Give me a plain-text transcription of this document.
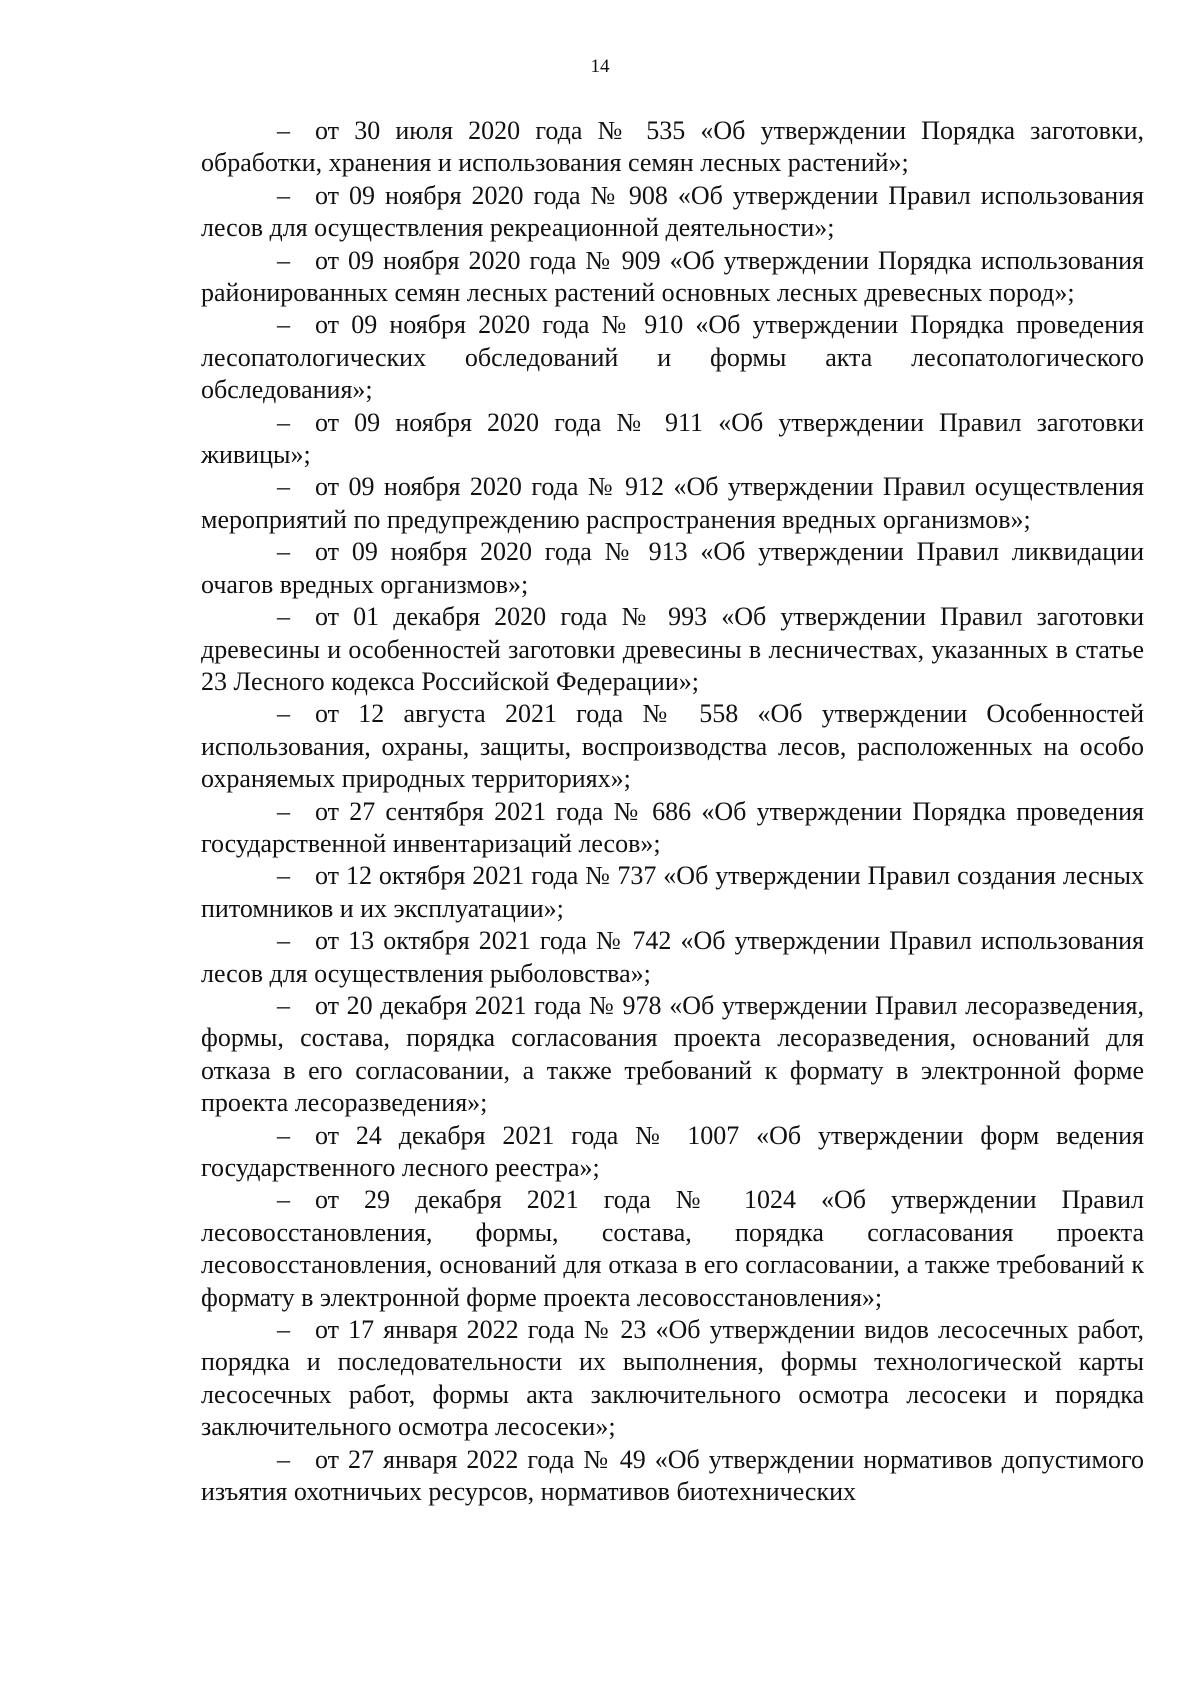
14

– от 30 июля 2020 года № 535 «Об утверждении Порядка заготовки, обработки, хранения и использования семян лесных растений»;

– от 09 ноября 2020 года № 908 «Об утверждении Правил использования лесов для осуществления рекреационной деятельности»;

– от 09 ноября 2020 года № 909 «Об утверждении Порядка использования районированных семян лесных растений основных лесных древесных пород»;

– от 09 ноября 2020 года № 910 «Об утверждении Порядка проведения лесопатологических обследований и формы акта лесопатологического обследования»;

– от 09 ноября 2020 года № 911 «Об утверждении Правил заготовки живицы»;

– от 09 ноября 2020 года № 912 «Об утверждении Правил осуществления мероприятий по предупреждению распространения вредных организмов»;

– от 09 ноября 2020 года № 913 «Об утверждении Правил ликвидации очагов вредных организмов»;

– от 01 декабря 2020 года № 993 «Об утверждении Правил заготовки древесины и особенностей заготовки древесины в лесничествах, указанных в статье 23 Лесного кодекса Российской Федерации»;

– от 12 августа 2021 года № 558 «Об утверждении Особенностей использования, охраны, защиты, воспроизводства лесов, расположенных на особо охраняемых природных территориях»;

– от 27 сентября 2021 года № 686 «Об утверждении Порядка проведения государственной инвентаризаций лесов»;

– от 12 октября 2021 года № 737 «Об утверждении Правил создания лесных питомников и их эксплуатации»;

– от 13 октября 2021 года № 742 «Об утверждении Правил использования лесов для осуществления рыболовства»;

– от 20 декабря 2021 года № 978 «Об утверждении Правил лесоразведения, формы, состава, порядка согласования проекта лесоразведения, оснований для отказа в его согласовании, а также требований к формату в электронной форме проекта лесоразведения»;

– от 24 декабря 2021 года № 1007 «Об утверждении форм ведения государственного лесного реестра»;

– от 29 декабря 2021 года № 1024 «Об утверждении Правил лесовосстановления, формы, состава, порядка согласования проекта лесовосстановления, оснований для отказа в его согласовании, а также требований к формату в электронной форме проекта лесовосстановления»;

– от 17 января 2022 года № 23 «Об утверждении видов лесосечных работ, порядка и последовательности их выполнения, формы технологической карты лесосечных работ, формы акта заключительного осмотра лесосеки и порядка заключительного осмотра лесосеки»;

– от 27 января 2022 года № 49 «Об утверждении нормативов допустимого изъятия охотничьих ресурсов, нормативов биотехнических
